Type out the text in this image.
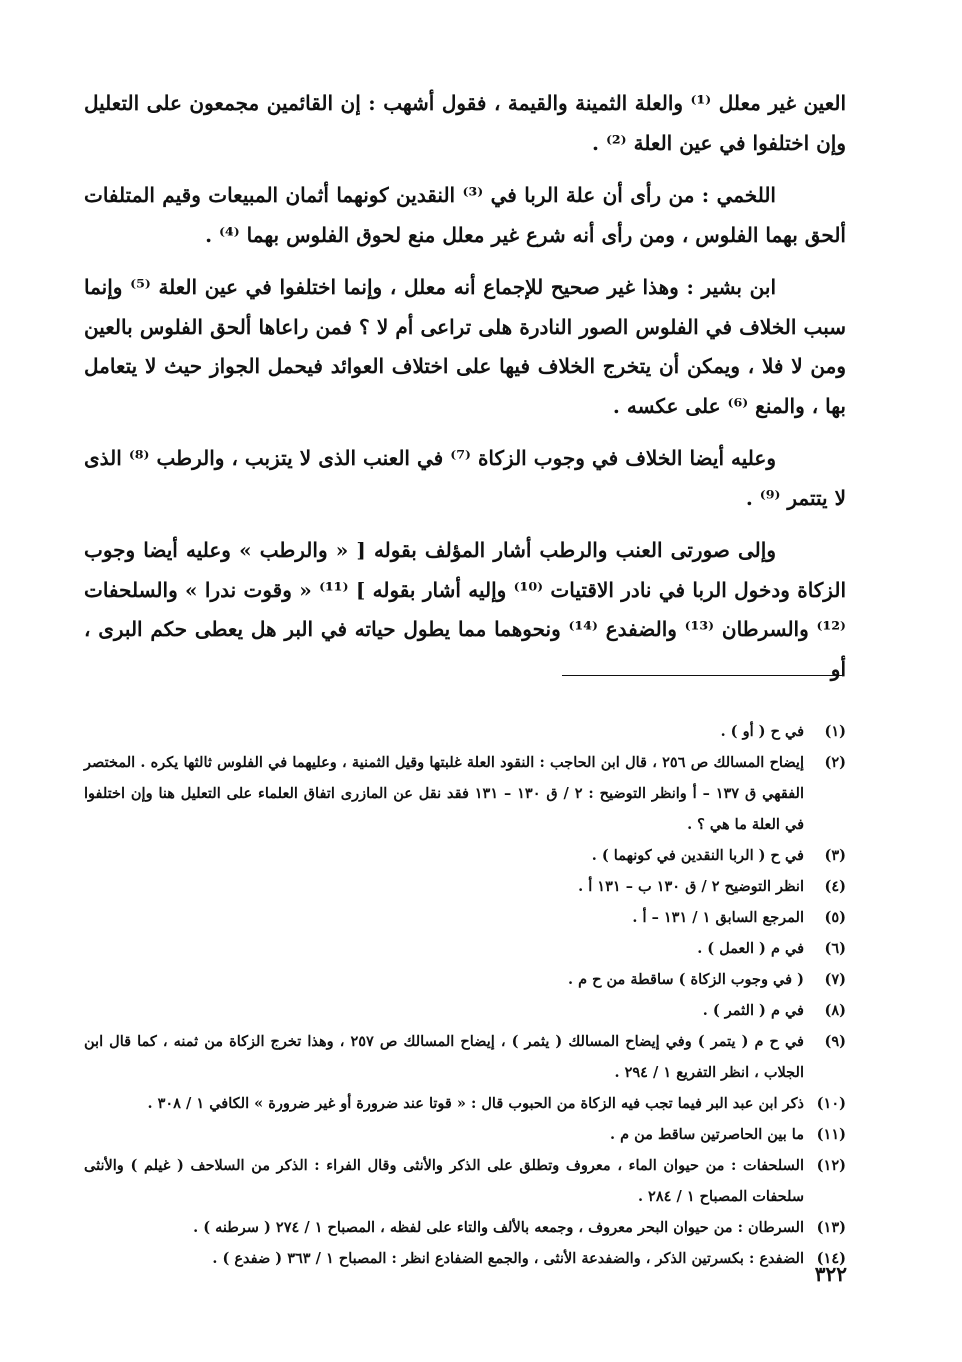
العين غير معلل ⁽¹⁾ والعلة الثمينة والقيمة ، فقول أشهب : إن القائمين مجمعون على التعليل وإن اختلفوا في عين العلة ⁽²⁾ .

اللخمي : من رأى أن علة الربا في ⁽³⁾ النقدين كونهما أثمان المبيعات وقيم المتلفات ألحق بهما الفلوس ، ومن رأى أنه شرع غير معلل منع لحوق الفلوس بهما ⁽⁴⁾ .

ابن بشير : وهذا غير صحيح للإجماع أنه معلل ، وإنما اختلفوا في عين العلة ⁽⁵⁾ وإنما سبب الخلاف في الفلوس الصور النادرة هلى تراعى أم لا ؟ فمن راعاها ألحق الفلوس بالعين ومن لا فلا ، ويمكن أن يتخرج الخلاف فيها على اختلاف العوائد فيحمل الجواز حيث لا يتعامل بها ، والمنع ⁽⁶⁾ على عكسه .

وعليه أيضا الخلاف في وجوب الزكاة ⁽⁷⁾ في العنب الذى لا يتزبب ، والرطب ⁽⁸⁾ الذى لا يتتمر ⁽⁹⁾ .

وإلى صورتى العنب والرطب أشار المؤلف بقوله [ « والرطب » وعليه أيضا وجوب الزكاة ودخول الربا في نادر الاقتيات ⁽¹⁰⁾ وإليه أشار بقوله ] ⁽¹¹⁾ « وقوت ندرا » والسلحفات ⁽¹²⁾ والسرطان ⁽¹³⁾ والضفدع ⁽¹⁴⁾ ونحوهما مما يطول حياته في البر هل يعطى حكم البرى ، أو

(١)
في ح ( أو ) .
(٢)
إيضاح المسالك ص ٢٥٦ ، قال ابن الحاجب : النقود العلة غلبتها وقيل الثمنية ، وعليهما في الفلوس ثالثها يكره . المختصر الفقهي ق ١٣٧ – أ وانظر التوضيح : ٢ / ق ١٣٠ – ١٣١ فقد نقل عن المازرى اتفاق العلماء على التعليل هنا وإن اختلفوا في العلة ما هي ؟ .
(٣)
في ح ( الربا النقدين في كونهما ) .
(٤)
انظر التوضيح ٢ / ق ١٣٠ ب – ١٣١ أ .
(٥)
المرجع السابق ١ / ١٣١ – أ .
(٦)
في م ( العمل ) .
(٧)
( في وجوب الزكاة ) ساقطة من ح م .
(٨)
في م ( الثمر ) .
(٩)
في ح م ( يتمر ) وفي إيضاح المسالك ( يثمر ) ، إيضاح المسالك ص ٢٥٧ ، وهذا تخرج الزكاة من ثمنه ، كما قال ابن الجلاب ، انظر التفريع ١ / ٢٩٤ .
(١٠)
ذكر ابن عبد البر فيما تجب فيه الزكاة من الحبوب قال : « قوتا عند ضرورة أو غير ضرورة » الكافي ١ / ٣٠٨ .
(١١)
ما بين الحاصرتين ساقط من م .
(١٢)
السلحفات : من حيوان الماء ، معروف وتطلق على الذكر والأنثى وقال الفراء : الذكر من السلاحف ( غيلم ) والأنثى سلحفات المصباح ١ / ٢٨٤ .
(١٣)
السرطان : من حيوان البحر معروف ، وجمعه بالألف والتاء على لفظه ، المصباح ١ / ٢٧٤ ( سرطنه ) .
(١٤)
الضفدع : بكسرتين الذكر ، والضفدعة الأنثى ، والجمع الضفادع انظر : المصباح ١ / ٣٦٣ ( ضفدع ) .
٣٢٢
